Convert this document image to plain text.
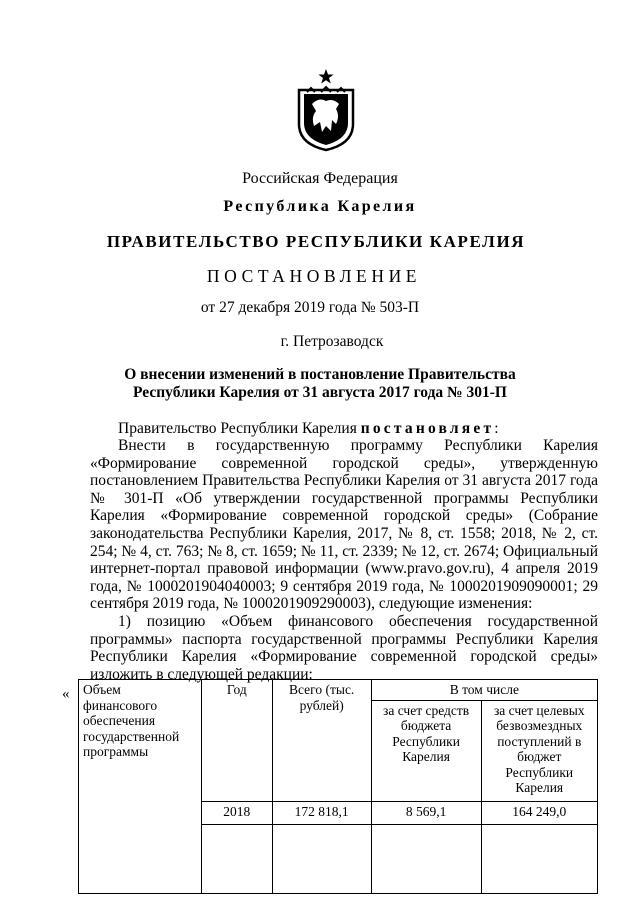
Российская Федерация
Республика Карелия
ПРАВИТЕЛЬСТВО РЕСПУБЛИКИ КАРЕЛИЯ
ПОСТАНОВЛЕНИЕ
от 27 декабря 2019 года № 503-П
г. Петрозаводск
О внесении изменений в постановление Правительства
Республики Карелия от 31 августа 2017 года № 301-П
Правительство Республики Карелия постановляет:
Внести в государственную программу Республики Карелия «Формирование современной городской среды», утвержденную постановлением Правительства Республики Карелия от 31 августа 2017 года № 301-П «Об утверждении государственной программы Республики Карелия «Формирование современной городской среды» (Собрание законодательства Республики Карелия, 2017, № 8, ст. 1558; 2018, № 2, ст. 254; № 4, ст. 763; № 8, ст. 1659; № 11, ст. 2339; № 12, ст. 2674; Официальный интернет-портал правовой информации (www.pravo.gov.ru), 4 апреля 2019 года, № 1000201904040003; 9 сентября 2019 года, № 1000201909090001; 29 сентября 2019 года, № 1000201909290003), следующие изменения:
1) позицию «Объем финансового обеспечения государственной программы» паспорта государственной программы Республики Карелия Республики Карелия «Формирование современной городской среды» изложить в следующей редакции:
« Объем финансового обеспечения государственной программы	Год	Всего (тыс. рублей)	В том числе	
			за счет средств бюджета Республики Карелия	за счет целевых безвозмездных поступлений в бюджет Республики Карелия
	2018	172 818,1	8 569,1	164 249,0
